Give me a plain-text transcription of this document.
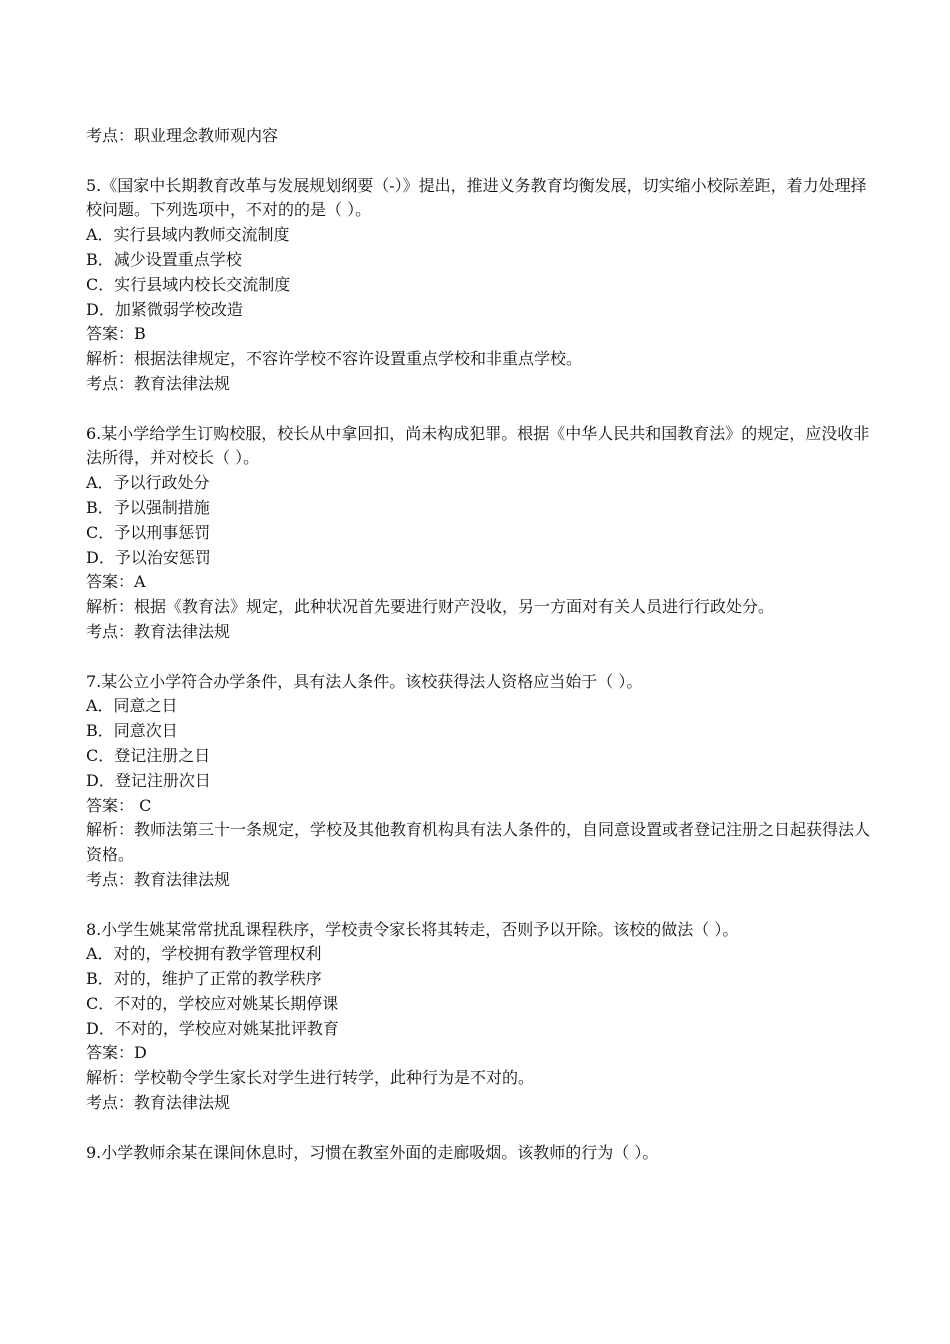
考点：职业理念教师观内容
5.《国家中长期教育改革与发展规划纲要（-）》提出，推进义务教育均衡发展，切实缩小校际差距，着力处理择校问题。下列选项中，不对的的是（ ）。
A．实行县域内教师交流制度
B．减少设置重点学校
C．实行县域内校长交流制度
D．加紧微弱学校改造
答案：B
解析：根据法律规定，不容许学校不容许设置重点学校和非重点学校。
考点：教育法律法规
6.某小学给学生订购校服，校长从中拿回扣，尚未构成犯罪。根据《中华人民共和国教育法》的规定，应没收非法所得，并对校长（ ）。
A．予以行政处分
B．予以强制措施
C．予以刑事惩罚
D．予以治安惩罚
答案：A
解析：根据《教育法》规定，此种状况首先要进行财产没收，另一方面对有关人员进行行政处分。
考点：教育法律法规
7.某公立小学符合办学条件，具有法人条件。该校获得法人资格应当始于（ ）。
A．同意之日
B．同意次日
C．登记注册之日
D．登记注册次日
答案： C
解析：教师法第三十一条规定，学校及其他教育机构具有法人条件的，自同意设置或者登记注册之日起获得法人资格。
考点：教育法律法规
8.小学生姚某常常扰乱课程秩序，学校责令家长将其转走，否则予以开除。该校的做法（ ）。
A．对的，学校拥有教学管理权利
B．对的，维护了正常的教学秩序
C．不对的，学校应对姚某长期停课
D．不对的，学校应对姚某批评教育
答案：D
解析：学校勒令学生家长对学生进行转学，此种行为是不对的。
考点：教育法律法规
9.小学教师余某在课间休息时，习惯在教室外面的走廊吸烟。该教师的行为（ ）。
